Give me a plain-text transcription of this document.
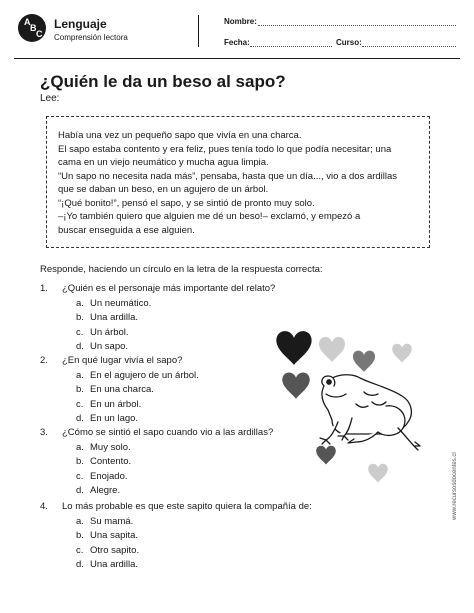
A
B
C
Lenguaje
Comprensión lectora
Nombre:
Fecha:	Curso:
¿Quién le da un beso al sapo?
Lee:

Había una vez un pequeño sapo que vivía en una charca.

El sapo estaba contento y era feliz, pues tenía todo lo que podía necesitar; una

cama en un viejo neumático y mucha agua limpia.

“Un sapo no necesita nada más”, pensaba, hasta que un día..., vio a dos ardillas

que se daban un beso, en un agujero de un árbol.

“¡Qué bonito!”, pensó el sapo, y se sintió de pronto muy solo.

–¡Yo también quiero que alguien me dé un beso!– exclamó, y empezó a

buscar enseguida a ese alguien.

Responde, haciendo un círculo en la letra de la respuesta correcta:
1.	¿Quién es el personaje más importante del relato?
a. Un neumático.
b. Una ardilla.
c. Un árbol.
d. Un sapo.
2.	¿En qué lugar vivía el sapo?
a. En el agujero de un árbol.
b. En una charca.
c. En un árbol.
d. En un lago.
3.	¿Cómo se sintió el sapo cuando vio a las ardillas?
a. Muy solo.
b. Contento.
c. Enojado.
d. Alegre.
4.	Lo más probable es que este sapito quiera la compañía de:
a. Su mamá.
b. Una sapita.
c. Otro sapito.
d. Una ardilla.
www.recursosdocentes.cl
